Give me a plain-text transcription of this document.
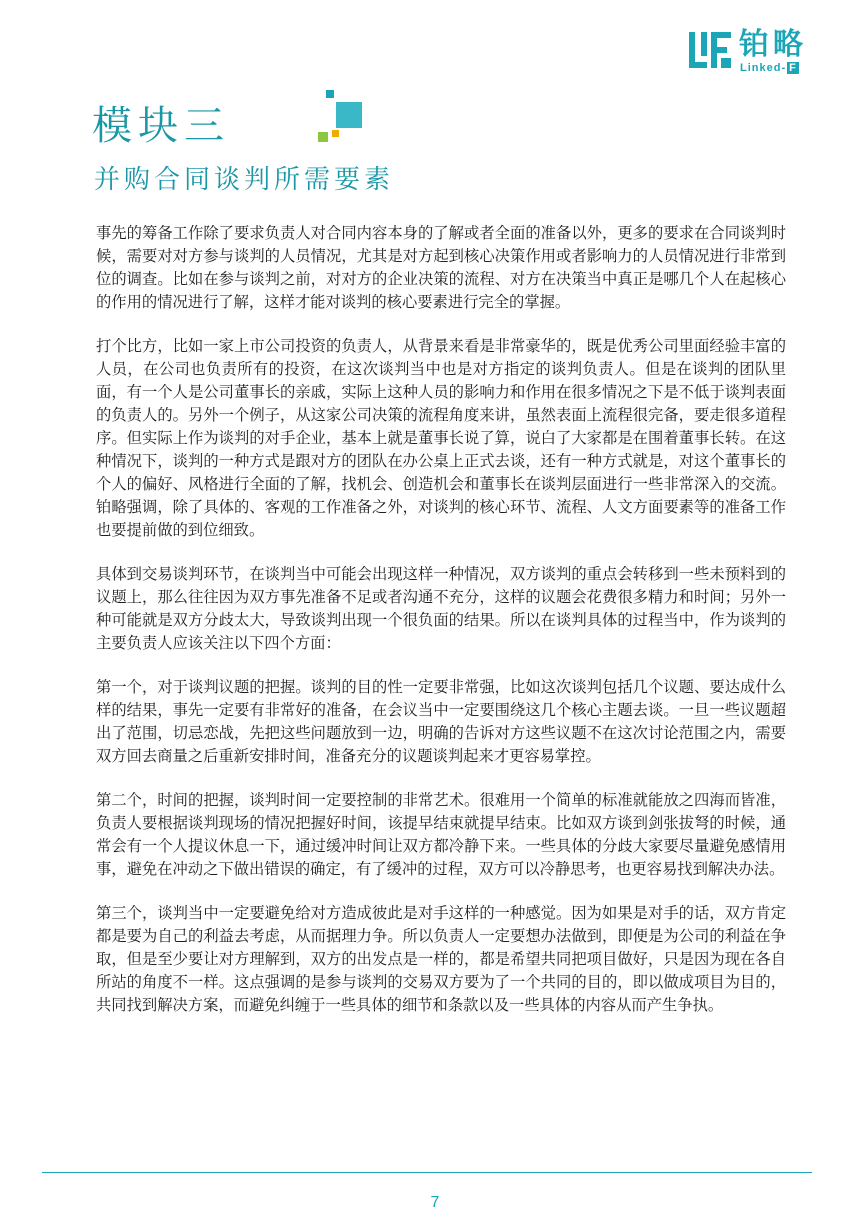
铂略
Linked- F
模块三
并购合同谈判所需要素

事先的筹备工作除了要求负责人对合同内容本身的了解或者全面的准备以外，更多的要求在合同谈判时候，需要对对方参与谈判的人员情况，尤其是对方起到核心决策作用或者影响力的人员情况进行非常到位的调查。比如在参与谈判之前，对对方的企业决策的流程、对方在决策当中真正是哪几个人在起核心的作用的情况进行了解，这样才能对谈判的核心要素进行完全的掌握。

打个比方，比如一家上市公司投资的负责人，从背景来看是非常豪华的，既是优秀公司里面经验丰富的人员，在公司也负责所有的投资，在这次谈判当中也是对方指定的谈判负责人。但是在谈判的团队里面，有一个人是公司董事长的亲戚，实际上这种人员的影响力和作用在很多情况之下是不低于谈判表面的负责人的。另外一个例子，从这家公司决策的流程角度来讲，虽然表面上流程很完备，要走很多道程序。但实际上作为谈判的对手企业，基本上就是董事长说了算，说白了大家都是在围着董事长转。在这种情况下，谈判的一种方式是跟对方的团队在办公桌上正式去谈，还有一种方式就是，对这个董事长的个人的偏好、风格进行全面的了解，找机会、创造机会和董事长在谈判层面进行一些非常深入的交流。铂略强调，除了具体的、客观的工作准备之外，对谈判的核心环节、流程、人文方面要素等的准备工作也要提前做的到位细致。

具体到交易谈判环节，在谈判当中可能会出现这样一种情况，双方谈判的重点会转移到一些未预料到的议题上，那么往往因为双方事先准备不足或者沟通不充分，这样的议题会花费很多精力和时间；另外一种可能就是双方分歧太大，导致谈判出现一个很负面的结果。所以在谈判具体的过程当中，作为谈判的主要负责人应该关注以下四个方面：

第一个，对于谈判议题的把握。谈判的目的性一定要非常强，比如这次谈判包括几个议题、要达成什么样的结果，事先一定要有非常好的准备，在会议当中一定要围绕这几个核心主题去谈。一旦一些议题超出了范围，切忌恋战，先把这些问题放到一边，明确的告诉对方这些议题不在这次讨论范围之内，需要双方回去商量之后重新安排时间，准备充分的议题谈判起来才更容易掌控。

第二个，时间的把握，谈判时间一定要控制的非常艺术。很难用一个简单的标准就能放之四海而皆准，负责人要根据谈判现场的情况把握好时间，该提早结束就提早结束。比如双方谈到剑张拔弩的时候，通常会有一个人提议休息一下，通过缓冲时间让双方都冷静下来。一些具体的分歧大家要尽量避免感情用事，避免在冲动之下做出错误的确定，有了缓冲的过程，双方可以冷静思考，也更容易找到解决办法。

第三个，谈判当中一定要避免给对方造成彼此是对手这样的一种感觉。因为如果是对手的话，双方肯定都是要为自己的利益去考虑，从而据理力争。所以负责人一定要想办法做到，即便是为公司的利益在争取，但是至少要让对方理解到，双方的出发点是一样的，都是希望共同把项目做好，只是因为现在各自所站的角度不一样。这点强调的是参与谈判的交易双方要为了一个共同的目的，即以做成项目为目的，共同找到解决方案，而避免纠缠于一些具体的细节和条款以及一些具体的内容从而产生争执。

7
